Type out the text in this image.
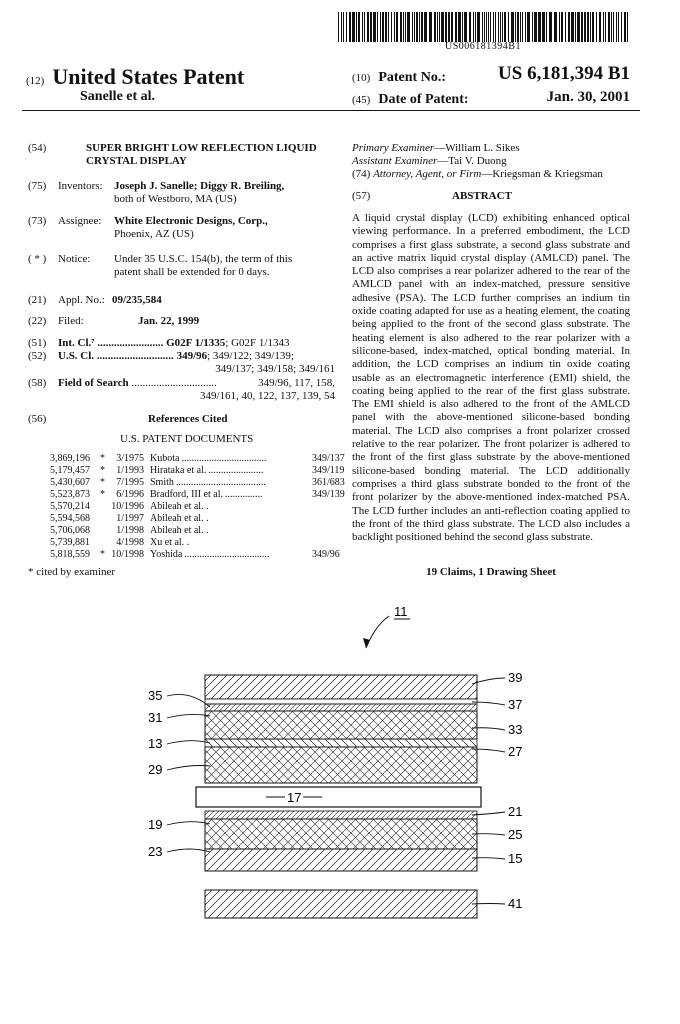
US006181394B1
(12) United States Patent
Sanelle et al.
(10) Patent No.:	US 6,181,394 B1
(45) Date of Patent:	Jan. 30, 2001
(54)	SUPER BRIGHT LOW REFLECTION LIQUID
CRYSTAL DISPLAY
(75) Inventors: Joseph J. Sanelle; Diggy R. Breiling,
both of Westboro, MA (US)
(73) Assignee: White Electronic Designs, Corp.,
Phoenix, AZ (US)
( * ) Notice: Under 35 U.S.C. 154(b), the term of this
patent shall be extended for 0 days.
(21) Appl. No.: 09/235,584
(22) Filed:	Jan. 22, 1999
(51) Int. Cl.⁷ ........................ G02F 1/1335; G02F 1/1343
(52) U.S. Cl. ............................ 349/96; 349/122; 349/139;
349/137; 349/158; 349/161
(58) Field of Search ...............................	349/96, 117, 158,
349/161, 40, 122, 137, 139, 54
(56)	References Cited
U.S. PATENT DOCUMENTS
3,869,196 *	3/1975 Kubota ..................................	349/137
5,179,457 *	1/1993 Hirataka et al. ......................	349/119
5,430,607 *	7/1995 Smith ....................................	361/683
5,523,873 *	6/1996 Bradford, III et al. ...............	349/139
5,570,214	10/1996 Abileah et al. .
5,594,568	1/1997 Abileah et al. .
5,706,068	1/1998 Abileah et al. .
5,739,881	4/1998 Xu et al. .
5,818,559 * 10/1998 Yoshida ..................................	349/96
* cited by examiner
Primary Examiner—William L. Sikes
Assistant Examiner—Tai V. Duong
(74) Attorney, Agent, or Firm—Kriegsman & Kriegsman
(57)	ABSTRACT
A liquid crystal display (LCD) exhibiting enhanced optical viewing performance. In a preferred embodiment, the LCD comprises a first glass substrate, a second glass substrate and an active matrix liquid crystal display (AMLCD) panel. The LCD also comprises a rear polarizer adhered to the rear of the AMLCD panel with an index-matched, pressure sensitive adhesive (PSA). The LCD further comprises an indium tin oxide coating adapted for use as a heating element, the coating being applied to the front of the second glass substrate. The heating element is also adhered to the rear polarizer with a silicone-based, index-matched, optical bonding material. In addition, the LCD comprises an indium tin oxide coating usable as an electromagnetic interference (EMI) shield, the coating being applied to the rear of the first glass substrate. The EMI shield is also adhered to the front of the AMLCD panel with the above-mentioned silicone-based bonding material. The LCD also comprises a front polarizer crossed relative to the rear polarizer. The front polarizer is adhered to the front of the first glass substrate by the above-mentioned silicone-based bonding material. The LCD additionally comprises a third glass substrate bonded to the front of the front polarizer by the above-mentioned index-matched PSA. The LCD further includes an anti-reflection coating applied to the front of the third glass substrate. The LCD also includes a backlight positioned behind the second glass substrate.
19 Claims, 1 Drawing Sheet
11
35
31
13
29
19
23
17
39
37
33
27
21
25
15
41
